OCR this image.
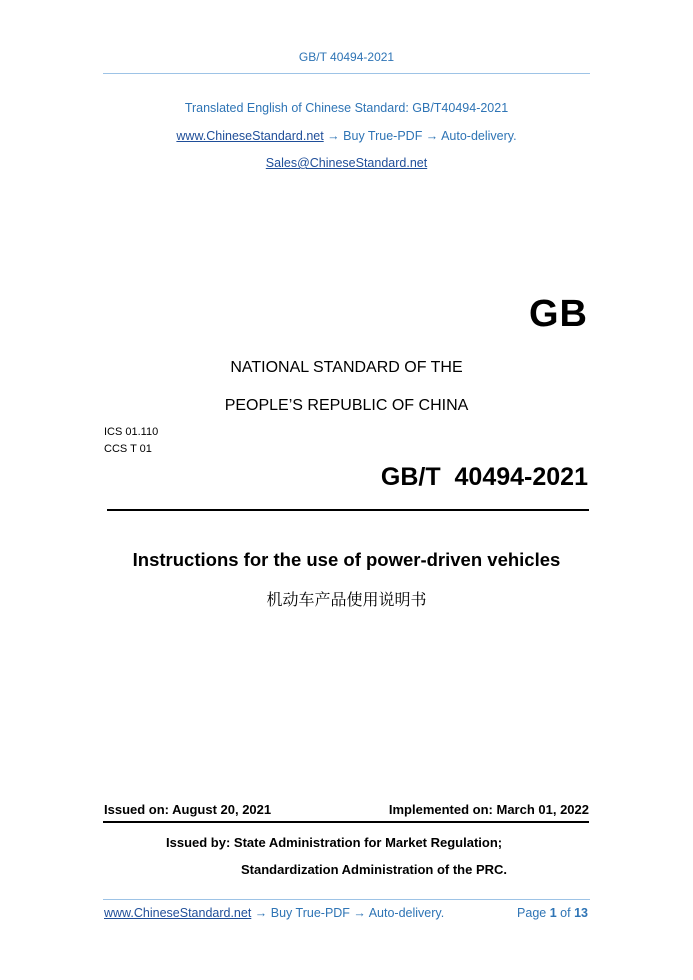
GB/T 40494-2021
Translated English of Chinese Standard: GB/T40494-2021
www.ChineseStandard.net → Buy True-PDF → Auto-delivery.
Sales@ChineseStandard.net
GB
NATIONAL STANDARD OF THE
PEOPLE’S REPUBLIC OF CHINA
ICS 01.110
CCS T 01
GB/T  40494-2021
Instructions for the use of power-driven vehicles
机动车产品使用说明书
Issued on: August 20, 2021	Implemented on: March 01, 2022
Issued by: State Administration for Market Regulation;
Standardization Administration of the PRC.
www.ChineseStandard.net → Buy True-PDF → Auto-delivery.	Page 1 of 13
